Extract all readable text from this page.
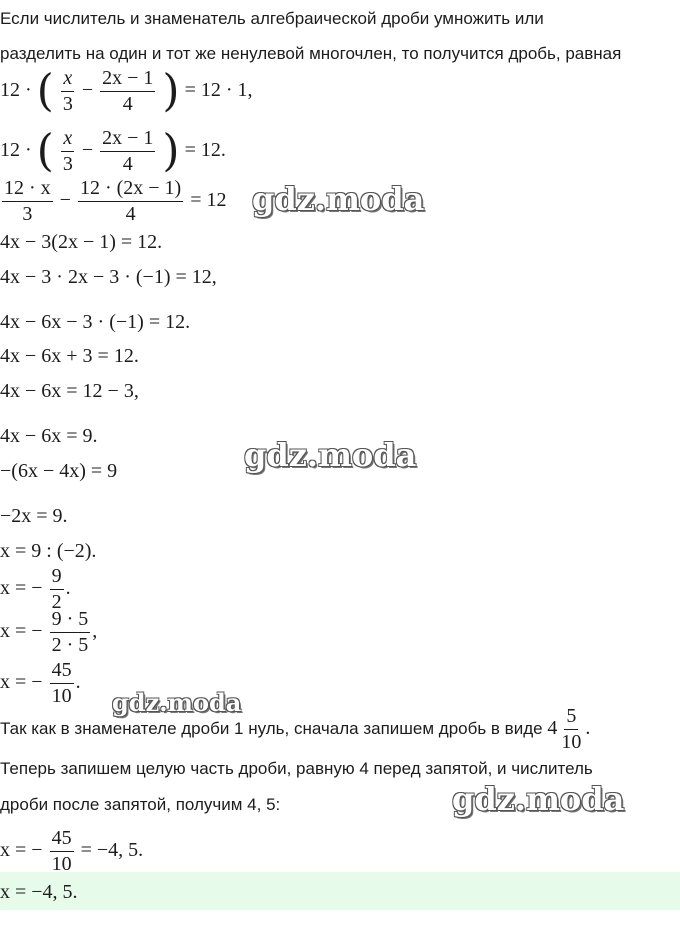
Если числитель и знаменатель алгебраической дроби умножить или
разделить на один и тот же ненулевой многочлен, то получится дробь, равная
12 · ( $\frac{x}{3} - \frac{2x - 1}{4}$ ) = 12 · 1,
12 · ( $\frac{x}{3} - \frac{2x - 1}{4}$ ) = 12.
$\frac{12 \cdot x}{3} - \frac{12 \cdot (2x - 1)}{4} = 12$
4x − 3(2x − 1) = 12.
4x − 3 · 2x − 3 · (−1) = 12,
4x − 6x − 3 · (−1) = 12.
4x − 6x + 3 = 12.
4x − 6x = 12 − 3,
4x − 6x = 9.
−(6x − 4x) = 9
−2x = 9.
x = 9 : (−2).
x = − $\frac{9}{2}$ .
x = − $\frac{9 \cdot 5}{2 \cdot 5}$ ,
x = − $\frac{45}{10}$ .
Так как в знаменателе дроби 1 нуль, сначала запишем дробь в виде $4 \frac{5}{10}$ .
Теперь запишем целую часть дроби, равную 4 перед запятой, и числитель
дроби после запятой, получим 4, 5:
x = − $\frac{45}{10} = -4$, 5.
x = −4, 5.
gdz.moda
gdz.moda
gdz.moda
gdz.moda
